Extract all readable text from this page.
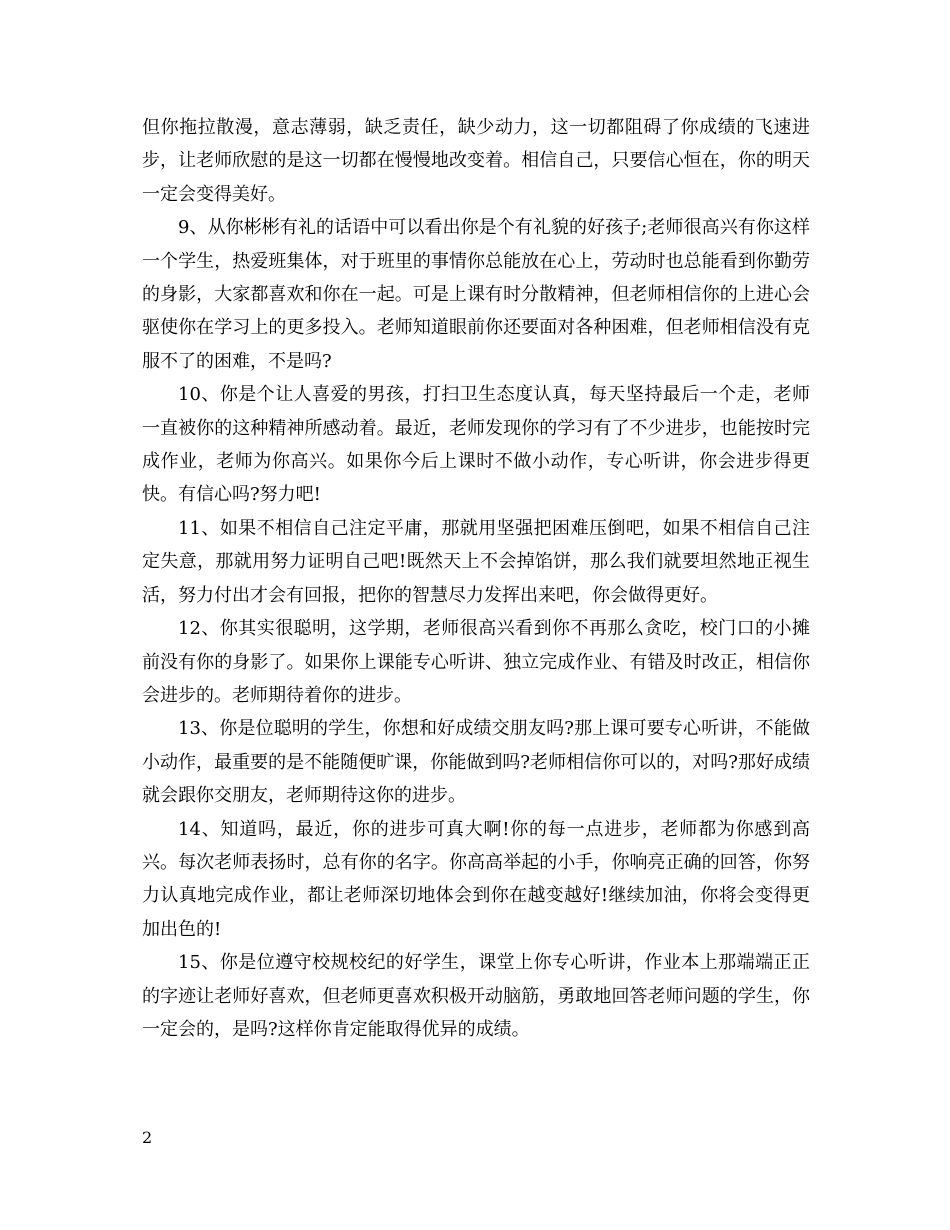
但你拖拉散漫，意志薄弱，缺乏责任，缺少动力，这一切都阻碍了你成绩的飞速进步，让老师欣慰的是这一切都在慢慢地改变着。相信自己，只要信心恒在，你的明天一定会变得美好。

9、从你彬彬有礼的话语中可以看出你是个有礼貌的好孩子;老师很高兴有你这样一个学生，热爱班集体，对于班里的事情你总能放在心上，劳动时也总能看到你勤劳的身影，大家都喜欢和你在一起。可是上课有时分散精神，但老师相信你的上进心会驱使你在学习上的更多投入。老师知道眼前你还要面对各种困难，但老师相信没有克服不了的困难，不是吗?

10、你是个让人喜爱的男孩，打扫卫生态度认真，每天坚持最后一个走，老师一直被你的这种精神所感动着。最近，老师发现你的学习有了不少进步，也能按时完成作业，老师为你高兴。如果你今后上课时不做小动作，专心听讲，你会进步得更快。有信心吗?努力吧!

11、如果不相信自己注定平庸，那就用坚强把困难压倒吧，如果不相信自己注定失意，那就用努力证明自己吧!既然天上不会掉馅饼，那么我们就要坦然地正视生活，努力付出才会有回报，把你的智慧尽力发挥出来吧，你会做得更好。

12、你其实很聪明，这学期，老师很高兴看到你不再那么贪吃，校门口的小摊前没有你的身影了。如果你上课能专心听讲、独立完成作业、有错及时改正，相信你会进步的。老师期待着你的进步。

13、你是位聪明的学生，你想和好成绩交朋友吗?那上课可要专心听讲，不能做小动作，最重要的是不能随便旷课，你能做到吗?老师相信你可以的，对吗?那好成绩就会跟你交朋友，老师期待这你的进步。

14、知道吗，最近，你的进步可真大啊!你的每一点进步，老师都为你感到高兴。每次老师表扬时，总有你的名字。你高高举起的小手，你响亮正确的回答，你努力认真地完成作业，都让老师深切地体会到你在越变越好!继续加油，你将会变得更加出色的!

15、你是位遵守校规校纪的好学生，课堂上你专心听讲，作业本上那端端正正的字迹让老师好喜欢，但老师更喜欢积极开动脑筋，勇敢地回答老师问题的学生，你一定会的，是吗?这样你肯定能取得优异的成绩。

2
